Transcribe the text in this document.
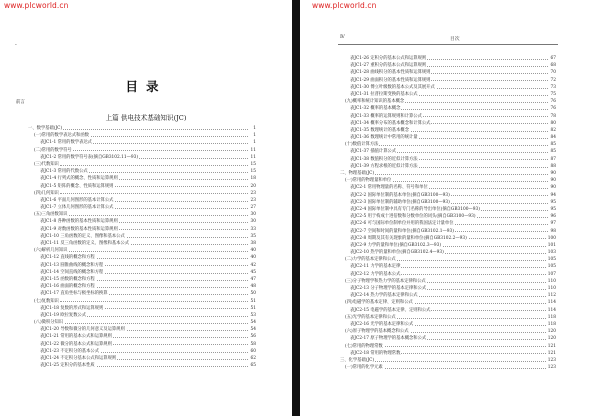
www.plcworld.cn
·
目录
前言
上篇 供电技术基础知识(JC)
一、数学基础(JC)	1
(一)常用的数学表达式和函数	1
表JC1-1 常用的数学表达式	1
(二)常用的数学符号	11
表JC1-2 常用的数学符号表(摘自GB3102.11—93)	11
(三)代数知识	15
表JC1-3 常用的代数公式	15
表JC1-4 行列式的概念、性质和运算规则	18
表JC1-5 矩阵的概念、性质和运算规则	20
(四)几何知识	23
表JC1-6 平面几何图形的基本计算公式	23
表JC1-7 立体几何图形的基本计算公式	27
(五)三角函数知识	30
表JC1-8 各种函数的基本性质和运算规则	30
表JC1-9 对数函数的基本性质和运算规则	33
表JC1-10 三角函数的定义、图像和基本公式	35
表JC1-11 反三角函数的定义、图像和基本公式	38
(六)解析几何知识	40
表JC1-12 直线的概念和方程	40
表JC1-13 圆锥曲线的概念和方程	42
表JC1-14 空间直线的概念和方程	45
表JC1-15 函数的概念和方程	47
表JC1-16 曲面的概念和方程	48
表JC1-17 直角坐标与极坐标的换算	50
(七)复数知识	51
表JC1-18 复数的形式和运算规则	51
表JC1-19 欧拉复数公式	53
(八)微积分知识	54
表JC1-20 导数和微分的几何意义及运算规则	54
表JC1-21 常用的基本公式和运算规则	56
表JC1-22 微分的基本公式和运算规则	58
表JC1-23 不定积分的基本公式	60
表JC1-24 不定积分基本公式和运算规则	62
表JC1-25 定积分的基本性质	65
www.plcworld.cn
Ⅳ	目次
表JC1-26 定积分的基本公式和运算规则	67
表JC1-27 重积分的基本公式和运算规则	68
表JC1-28 曲线积分的基本性质和运算规则	70
表JC1-29 曲面积分的基本性质和运算规则	72
表JC1-30 傅立叶级数的基本公式及其展开式	73
表JC1-31 拉普拉斯变换的基本公式	75
(九)概率和统计知识的基本概念	76
表JC1-32 概率的基本概念	76
表JC1-33 概率的运算规则和计算公式	78
表JC1-34 概率分布的基本概念和计算公式	80
表JC1-35 数理统计的基本概念	82
表JC1-36 数理统计中常用的统计量	84
(十)数值计算方法	85
表JC1-37 插值计算公式	85
表JC1-38 数值积分的近似计算方法	87
表JC1-39 方程求根的近似计算方法	88
二、物理基础(JC)	90
(一)常用的物理量和单位	90
表JC2-1 常用物理量的名称、符号和单位	90
表JC2-2 国际单位制的基本单位(摘自GB3100—93)	94
表JC2-3 国际单位制的辅助单位(摘自GB3100—93)	95
表JC2-4 国际单位制中具有专门名称的导出单位(摘自GB3100—93)	95
表JC2-5 用于构成十进倍数和分数单位的词头(摘自GB3100—93)	96
表JC2-6 可与国际单位制单位并用的我国法定计量单位	97
表JC2-7 空间和时间的量和单位(摘自GB3102.1—93)	98
表JC2-8 周期及其有关现象的量和单位(摘自GB3102.2—93)	100
表JC2-9 力学的量和单位(摘自GB3102.3—93)	101
表JC2-10 热学的量和单位(摘自GB3102.4—93)	103
(二)力学的基本定律和公式	105
表JC2-11 力学的基本定律	105
表JC2-12 力学的基本公式	107
(三)分子物理学和热力学的基本定律和公式	110
表JC2-13 分子物理学的基本定律和公式	110
表JC2-14 热力学的基本定律和公式	112
(四)电磁学的基本定律、定则和公式	114
表JC2-15 电磁学的基本定律、定则和公式	114
(五)光学的基本定律和公式	118
表JC2-16 光学的基本定律和公式	118
(六)原子物理学的基本概念和公式	120
表JC2-17 原子物理学的基本概念和公式	120
(七)常用的物理常数	121
表JC2-18 常用的物理常数	121
三、化学基础(JC)	123
(一)常用的化学元素	123
